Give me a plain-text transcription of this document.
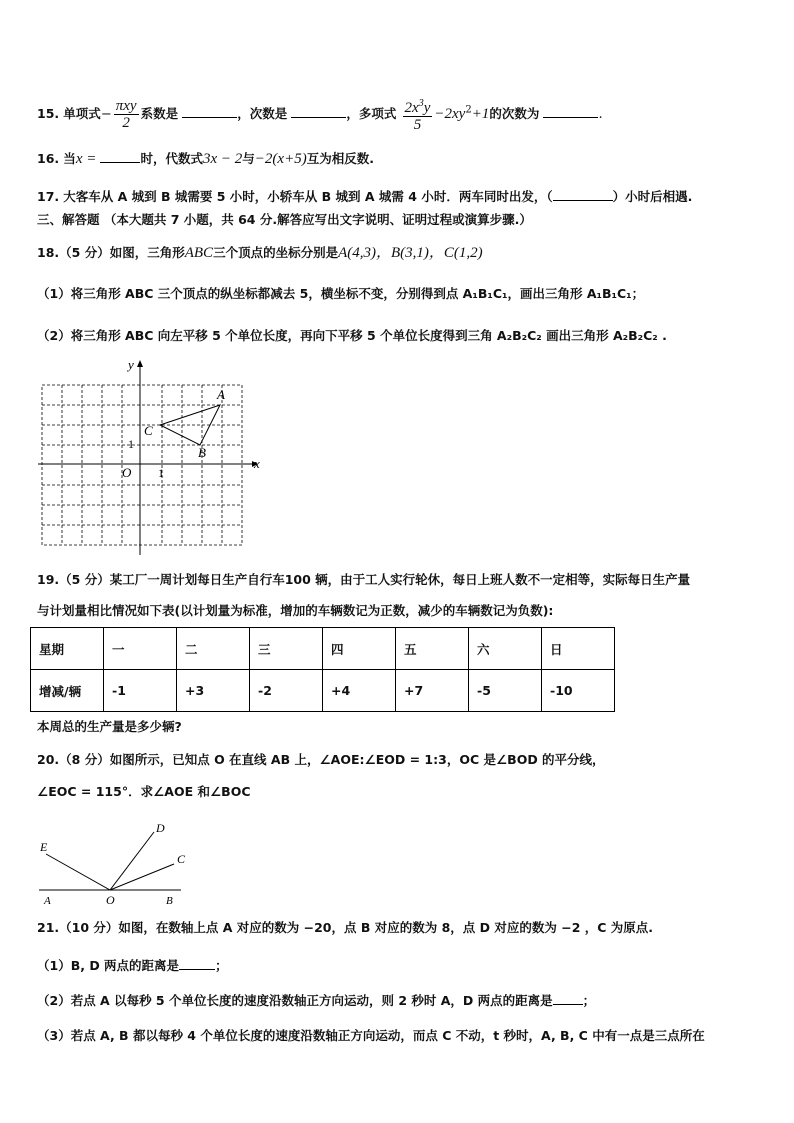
15. 单项式− $\frac{\text{πxy}}{2}$ 系数是	，次数是	，多项式 $\frac{2x^3y}{5} -2xy^2+1$的次数为	.
16. 当x =	时，代数式3x − 2与−2(x+5)互为相反数.
17. 大客车从 A 城到 B 城需要 5 小时，小轿车从 B 城到 A 城需 4 小时．两车同时出发，（	）小时后相遇.
三、解答题 （本大题共 7 小题，共 64 分.解答应写出文字说明、证明过程或演算步骤.）
18.（5 分）如图，三角形ABC三个顶点的坐标分别是A(4,3)，B(3,1)，C(1,2)
（1）将三角形 ABC 三个顶点的纵坐标都减去 5，横坐标不变，分别得到点 A₁B₁C₁，画出三角形 A₁B₁C₁；
（2）将三角形 ABC 向左平移 5 个单位长度，再向下平移 5 个单位长度得到三角 A₂B₂C₂ 画出三角形 A₂B₂C₂ .
y
x
O 1
1
A
B
C
19.（5 分）某工厂一周计划每日生产自行车100 辆，由于工人实行轮休，每日上班人数不一定相等，实际每日生产量
与计划量相比情况如下表(以计划量为标准，增加的车辆数记为正数，减少的车辆数记为负数):
星期	一	二	三	四	五	六	日
增减/辆	-1	+3	-2	+4	+7	-5	-10
本周总的生产量是多少辆?
20.（8 分）如图所示，已知点 O 在直线 AB 上，∠AOE:∠EOD = 1:3，OC 是∠BOD 的平分线，
∠EOC = 115°．求∠AOE 和∠BOC
E
D
C
O
A	B
21.（10 分）如图，在数轴上点 A 对应的数为 −20，点 B 对应的数为 8，点 D 对应的数为 −2 ，C 为原点.
（1）B, D 两点的距离是	；
（2）若点 A 以每秒 5 个单位长度的速度沿数轴正方向运动，则 2 秒时 A，D 两点的距离是 ；
（3）若点 A, B 都以每秒 4 个单位长度的速度沿数轴正方向运动，而点 C 不动，t 秒时，A, B, C 中有一点是三点所在
